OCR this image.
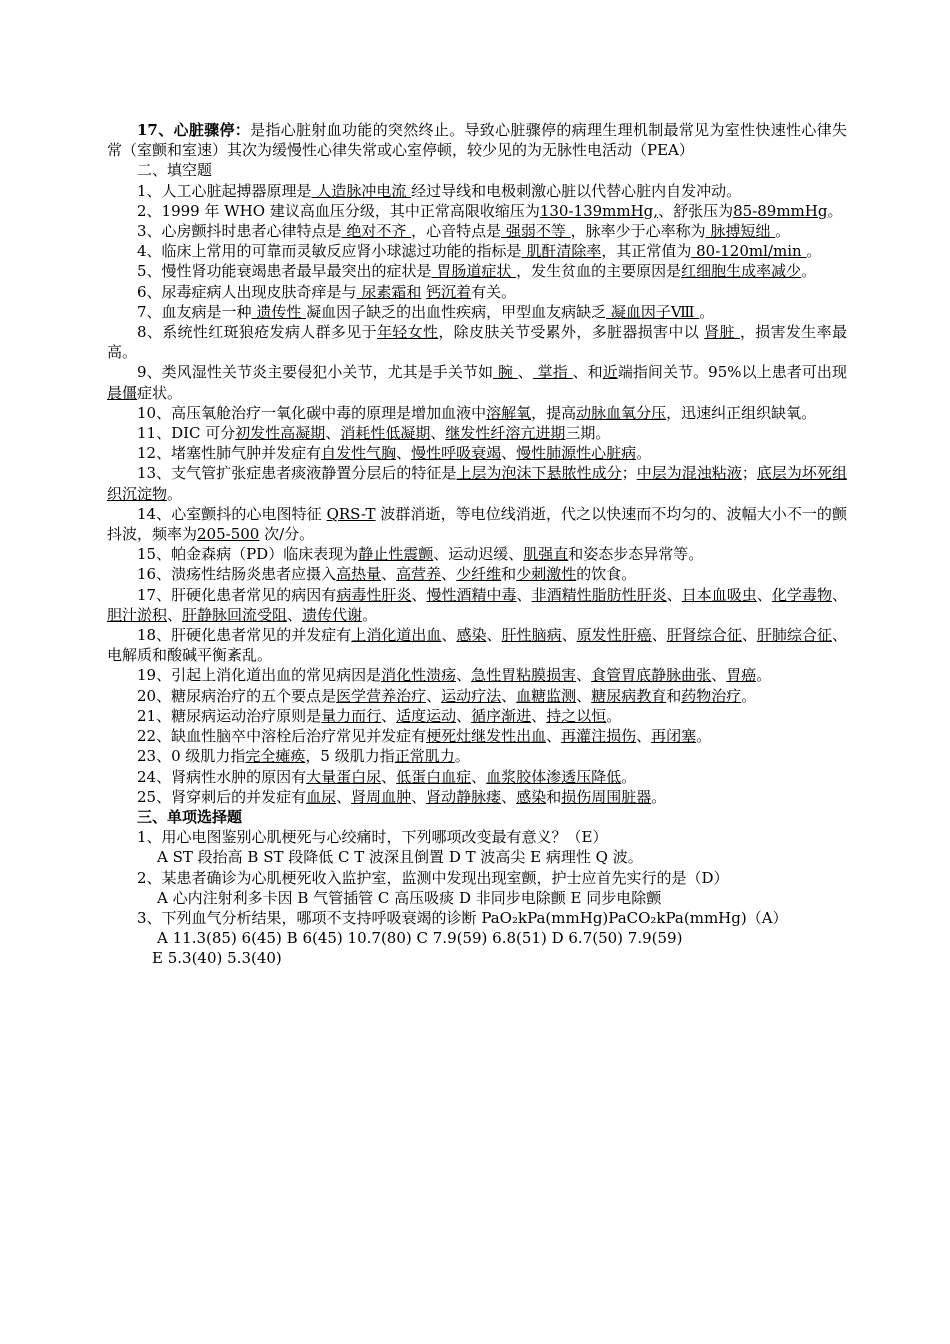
17、心脏骤停：是指心脏射血功能的突然终止。导致心脏骤停的病理生理机制最常见为室性快速性心律失常（室颤和室速）其次为缓慢性心律失常或心室停顿，较少见的为无脉性电活动（PEA）

二、填空题

1、人工心脏起搏器原理是 人造脉冲电流 经过导线和电极刺激心脏以代替心脏内自发冲动。

2、1999 年 WHO 建议高血压分级，其中正常高限收缩压为130-139mmHg,、舒张压为85-89mmHg。

3、心房颤抖时患者心律特点是 绝对不齐 ，心音特点是 强弱不等 ，脉率少于心率称为 脉搏短绌 。

4、临床上常用的可靠而灵敏反应肾小球滤过功能的指标是 肌酐清除率，其正常值为 80-120ml/min 。

5、慢性肾功能衰竭患者最早最突出的症状是 胃肠道症状 ，发生贫血的主要原因是红细胞生成率减少。

6、尿毒症病人出现皮肤奇痒是与 尿素霜和 钙沉着有关。

7、血友病是一种 遗传性 凝血因子缺乏的出血性疾病，甲型血友病缺乏 凝血因子Ⅷ 。

8、系统性红斑狼疮发病人群多见于年轻女性，除皮肤关节受累外，多脏器损害中以 肾脏 ，损害发生率最高。

9、类风湿性关节炎主要侵犯小关节，尤其是手关节如 腕 、 掌指 、和近端指间关节。95%以上患者可出现晨僵症状。

10、高压氧舱治疗一氧化碳中毒的原理是增加血液中溶解氧，提高动脉血氧分压，迅速纠正组织缺氧。

11、DIC 可分初发性高凝期、消耗性低凝期、继发性纤溶亢进期三期。

12、堵塞性肺气肿并发症有自发性气胸、慢性呼吸衰竭、慢性肺源性心脏病。

13、支气管扩张症患者痰液静置分层后的特征是上层为泡沫下悬脓性成分；中层为混浊粘液；底层为坏死组织沉淀物。

14、心室颤抖的心电图特征 QRS-T 波群消逝，等电位线消逝，代之以快速而不均匀的、波幅大小不一的颤抖波，频率为205-500 次/分。

15、帕金森病（PD）临床表现为静止性震颤、运动迟缓、肌强直和姿态步态异常等。

16、溃疡性结肠炎患者应摄入高热量、高营养、少纤维和少刺激性的饮食。

17、肝硬化患者常见的病因有病毒性肝炎、慢性酒精中毒、非酒精性脂肪性肝炎、日本血吸虫、化学毒物、胆汁淤积、肝静脉回流受阻、遗传代谢。

18、肝硬化患者常见的并发症有上消化道出血、感染、肝性脑病、原发性肝癌、肝肾综合征、肝肺综合征、电解质和酸碱平衡紊乱。

19、引起上消化道出血的常见病因是消化性溃疡、急性胃粘膜损害、食管胃底静脉曲张、胃癌。

20、糖尿病治疗的五个要点是医学营养治疗、运动疗法、血糖监测、糖尿病教育和药物治疗。

21、糖尿病运动治疗原则是量力而行、适度运动、循序渐进、持之以恒。

22、缺血性脑卒中溶栓后治疗常见并发症有梗死灶继发性出血、再灌注损伤、再闭塞。

23、0 级肌力指完全瘫痪，5 级肌力指正常肌力。

24、肾病性水肿的原因有大量蛋白尿、低蛋白血症、血浆胶体渗透压降低。

25、肾穿刺后的并发症有血尿、肾周血肿、肾动静脉瘘、感染和损伤周围脏器。

三、单项选择题

1、用心电图鉴别心肌梗死与心绞痛时，下列哪项改变最有意义？（E）

A ST 段抬高 B ST 段降低 C T 波深且倒置 D T 波高尖 E 病理性 Q 波。

2、某患者确诊为心肌梗死收入监护室，监测中发现出现室颤，护士应首先实行的是（D）

A 心内注射利多卡因 B 气管插管 C 高压吸痰 D 非同步电除颤 E 同步电除颤

3、下列血气分析结果，哪项不支持呼吸衰竭的诊断 PaO₂kPa(mmHg)PaCO₂kPa(mmHg)（A）

A 11.3(85) 6(45) B 6(45) 10.7(80) C 7.9(59) 6.8(51) D 6.7(50) 7.9(59)

E 5.3(40) 5.3(40)
